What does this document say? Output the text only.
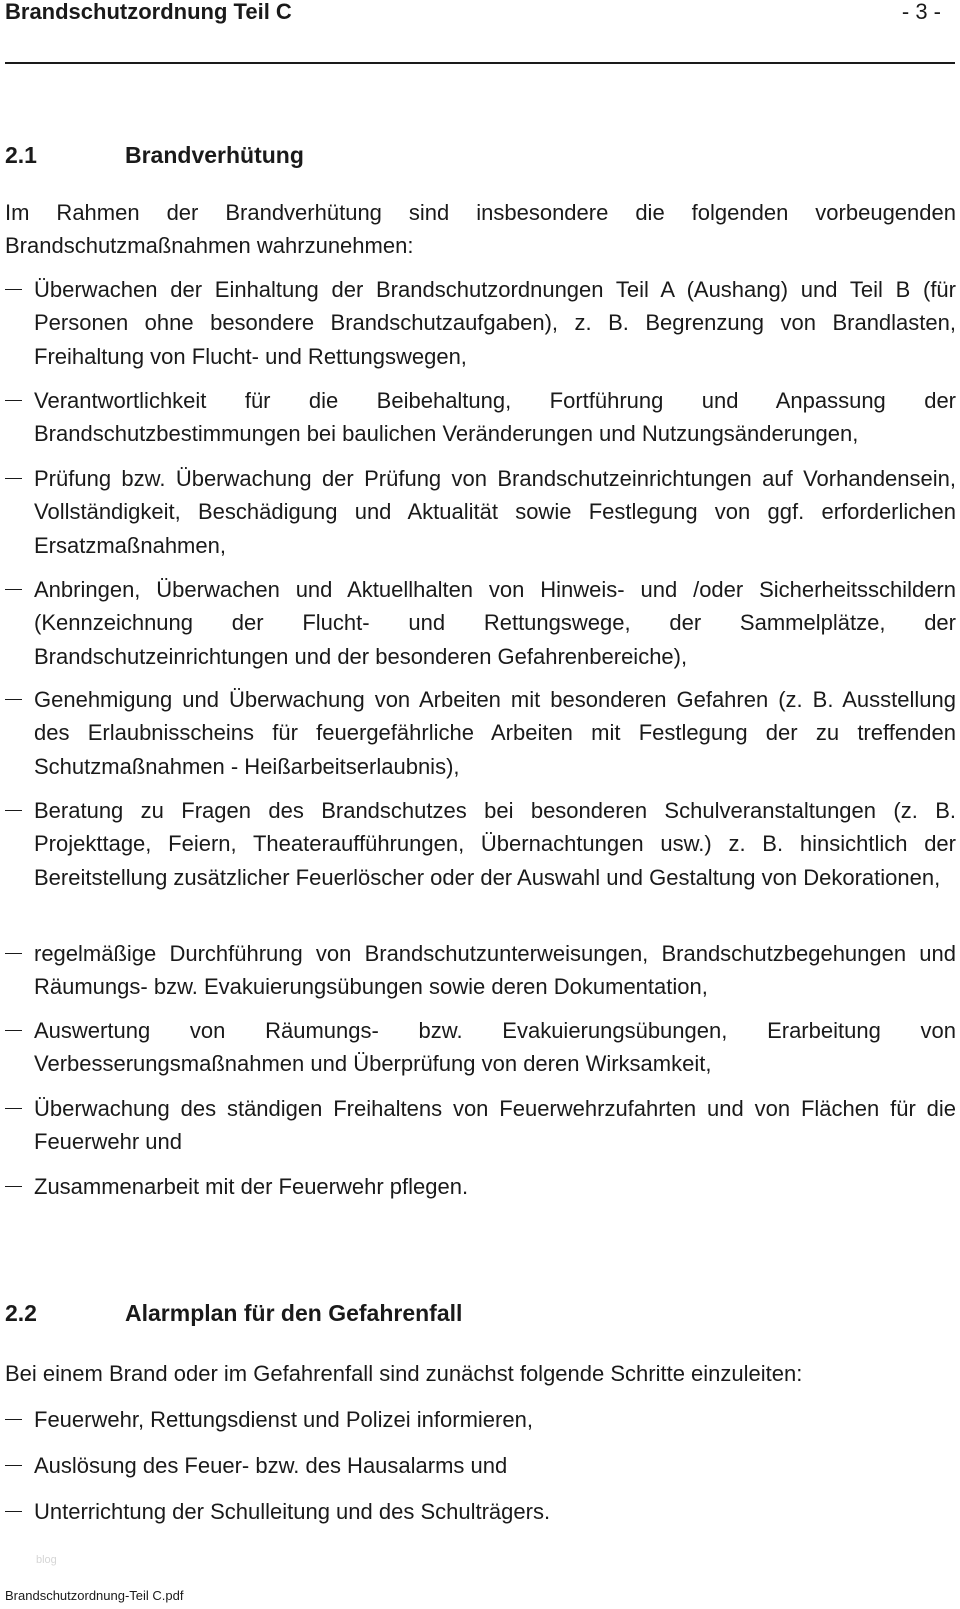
Brandschutzordnung Teil C	- 3 -
2.1	Brandverhütung
Im Rahmen der Brandverhütung sind insbesondere die folgenden vorbeugenden Brandschutzmaßnahmen wahrzunehmen:
Überwachen der Einhaltung der Brandschutzordnungen Teil A (Aushang) und Teil B (für Personen ohne besondere Brandschutzaufgaben), z. B. Begrenzung von Brandlasten, Freihaltung von Flucht- und Rettungswegen,
Verantwortlichkeit für die Beibehaltung, Fortführung und Anpassung der Brandschutzbestimmungen bei baulichen Veränderungen und Nutzungsänderungen,
Prüfung bzw. Überwachung der Prüfung von Brandschutzeinrichtungen auf Vorhandensein, Vollständigkeit, Beschädigung und Aktualität sowie Festlegung von ggf. erforderlichen Ersatzmaßnahmen,
Anbringen, Überwachen und Aktuellhalten von Hinweis- und /oder Sicherheitsschildern (Kennzeichnung der Flucht- und Rettungswege, der Sammelplätze, der Brandschutzeinrichtungen und der besonderen Gefahrenbereiche),
Genehmigung und Überwachung von Arbeiten mit besonderen Gefahren (z. B. Ausstellung des Erlaubnisscheins für feuergefährliche Arbeiten mit Festlegung der zu treffenden Schutzmaßnahmen - Heißarbeitserlaubnis),
Beratung zu Fragen des Brandschutzes bei besonderen Schulveranstaltungen (z. B. Projekttage, Feiern, Theateraufführungen, Übernachtungen usw.) z. B. hinsichtlich der Bereitstellung zusätzlicher Feuerlöscher oder der Auswahl und Gestaltung von Dekorationen,
regelmäßige Durchführung von Brandschutzunterweisungen, Brandschutzbegehungen und Räumungs- bzw. Evakuierungsübungen sowie deren Dokumentation,
Auswertung von Räumungs- bzw. Evakuierungsübungen, Erarbeitung von Verbesserungsmaßnahmen und Überprüfung von deren Wirksamkeit,
Überwachung des ständigen Freihaltens von Feuerwehrzufahrten und von Flächen für die Feuerwehr und
Zusammenarbeit mit der Feuerwehr pflegen.
2.2	Alarmplan für den Gefahrenfall
Bei einem Brand oder im Gefahrenfall sind zunächst folgende Schritte einzuleiten:
Feuerwehr, Rettungsdienst und Polizei informieren,
Auslösung des Feuer- bzw. des Hausalarms und
Unterrichtung der Schulleitung und des Schulträgers.
blog
Brandschutzordnung-Teil C.pdf
